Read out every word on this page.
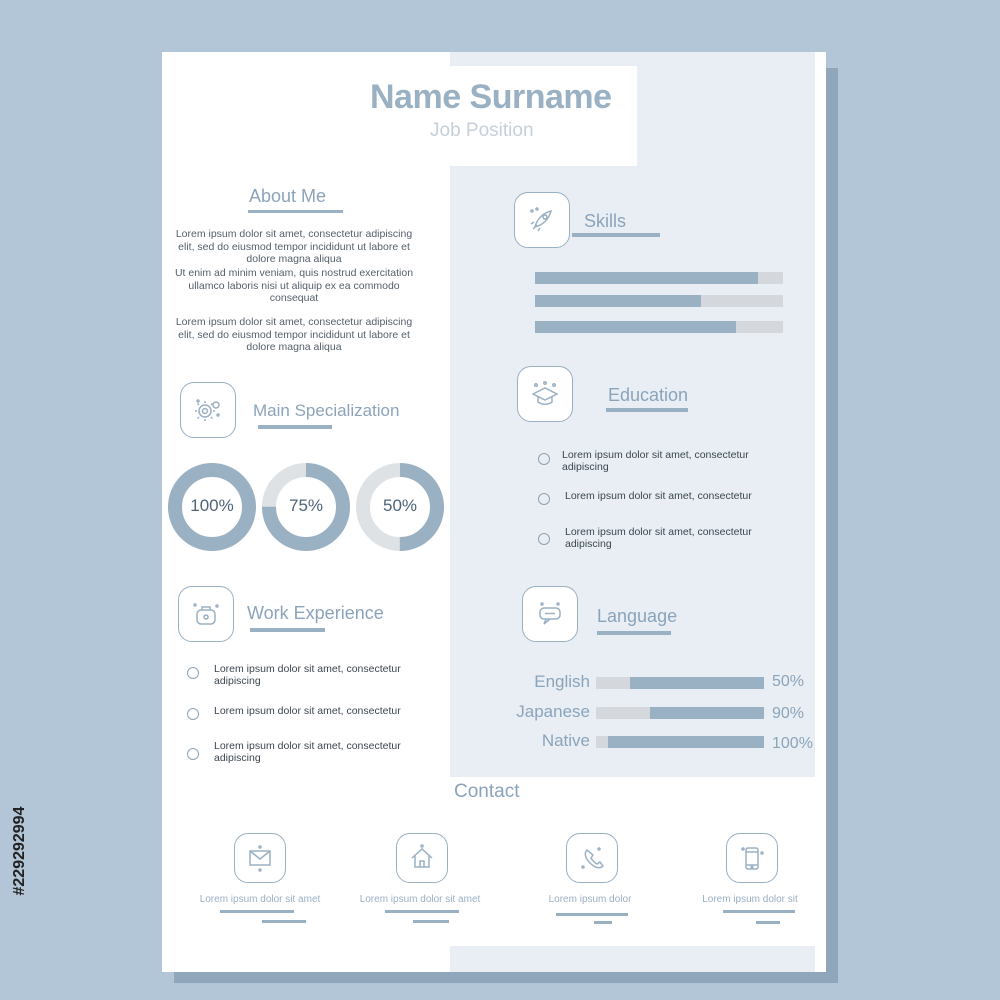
Name Surname
Job Position
About Me
Lorem ipsum dolor sit amet, consectetur adipiscing elit, sed do eiusmod tempor incididunt ut labore et dolore magna aliqua
Ut enim ad minim veniam, quis nostrud exercitation ullamco laboris nisi ut aliquip ex ea commodo consequat
Lorem ipsum dolor sit amet, consectetur adipiscing elit, sed do eiusmod tempor incididunt ut labore et dolore magna aliqua
Main Specialization
100%	75%	50%
Work Experience
Lorem ipsum dolor sit amet, consectetur adipiscing
Lorem ipsum dolor sit amet, consectetur
Lorem ipsum dolor sit amet, consectetur adipiscing
Skills
Education
Lorem ipsum dolor sit amet, consectetur adipiscing
Lorem ipsum dolor sit amet, consectetur
Lorem ipsum dolor sit amet, consectetur adipiscing
Language
English	50%
Japanese	90%
Native	100%
Contact
Lorem ipsum dolor sit amet	Lorem ipsum dolor sit amet	Lorem ipsum dolor	Lorem ipsum dolor sit
#229292994
